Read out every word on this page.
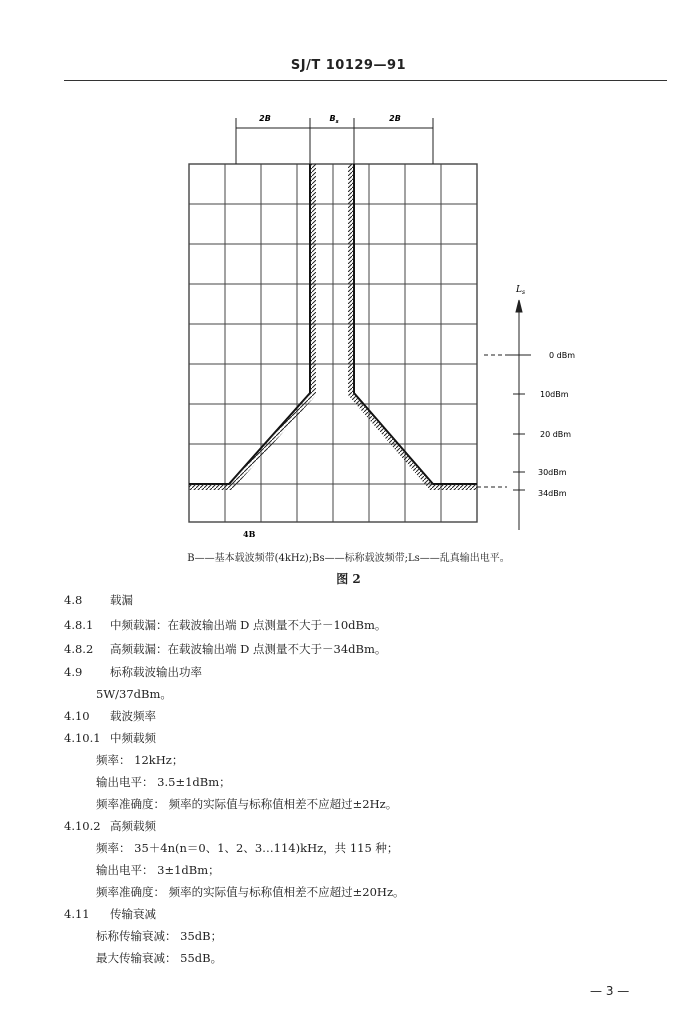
SJ/T 10129—91
2B	$B_s$	2B
$L_s$
0 dBm
10dBm
20 dBm
30dBm
34dBm
4B
B——基本载波频带(4kHz);Bs——标称载波频带;Ls——乱真输出电平。
图 2
4.8 载漏
4.8.1 中频载漏：在载波输出端 D 点测量不大于－10dBm。
4.8.2 高频载漏：在载波输出端 D 点测量不大于－34dBm。
4.9 标称载波输出功率
5W/37dBm。
4.10 载波频率
4.10.1 中频载频
频率： 12kHz；
输出电平： 3.5±1dBm；
频率准确度： 频率的实际值与标称值相差不应超过±2Hz。
4.10.2 高频载频
频率： 35＋4n(n＝0、1、2、3…114)kHz，共 115 种；
输出电平： 3±1dBm；
频率准确度： 频率的实际值与标称值相差不应超过±20Hz。
4.11 传输衰减
标称传输衰减： 35dB；
最大传输衰减： 55dB。
— 3 —
